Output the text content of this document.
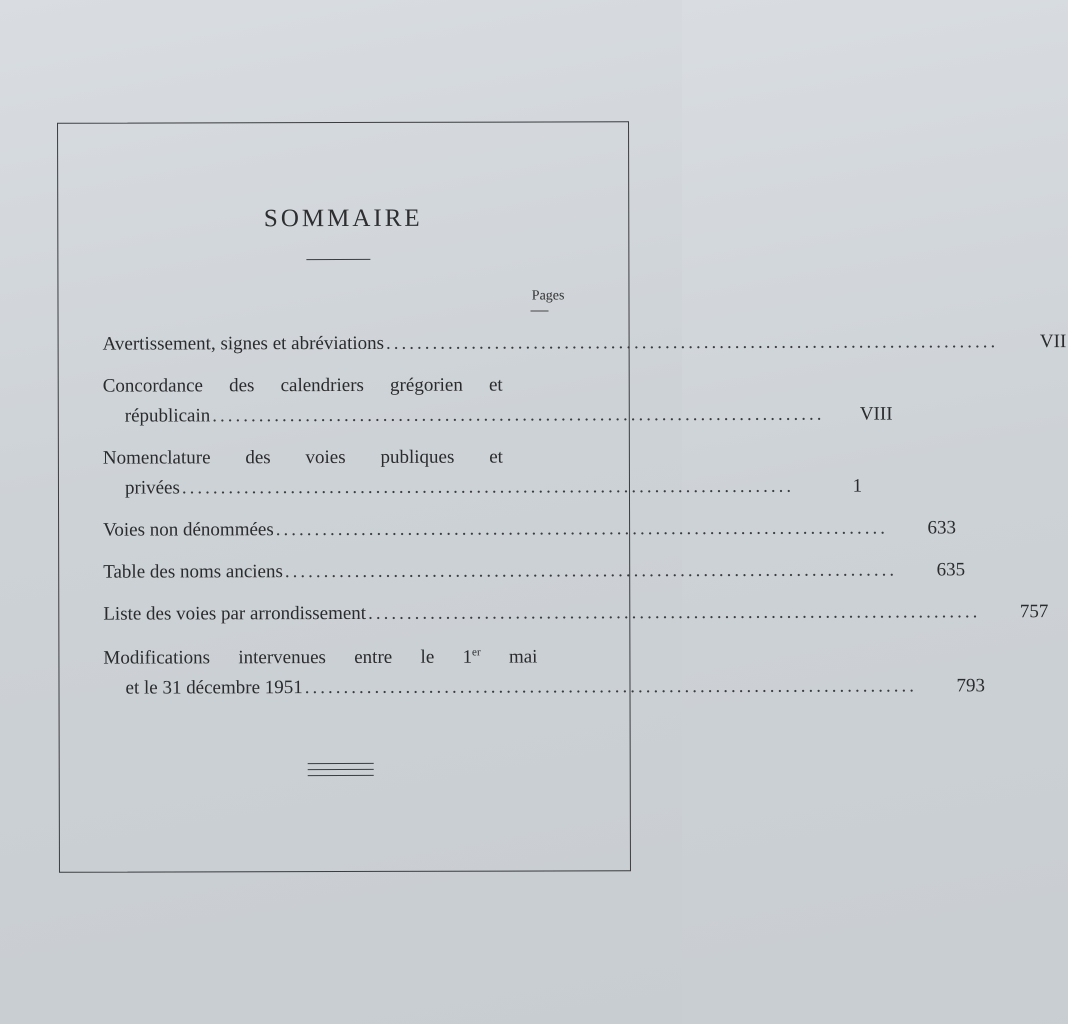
SOMMAIRE
Pages
Avertissement, signes et abréviations ...............................................................................	VII
Concordance des calendriers grégorien et
républicain ...............................................................................	VIII
Nomenclature des voies publiques et
privées ...............................................................................	1
Voies non dénommées ...............................................................................	633
Table des noms anciens ...............................................................................	635
Liste des voies par arrondissement ...............................................................................	757
Modifications intervenues entre le 1er mai
et le 31 décembre 1951 ...............................................................................	793
